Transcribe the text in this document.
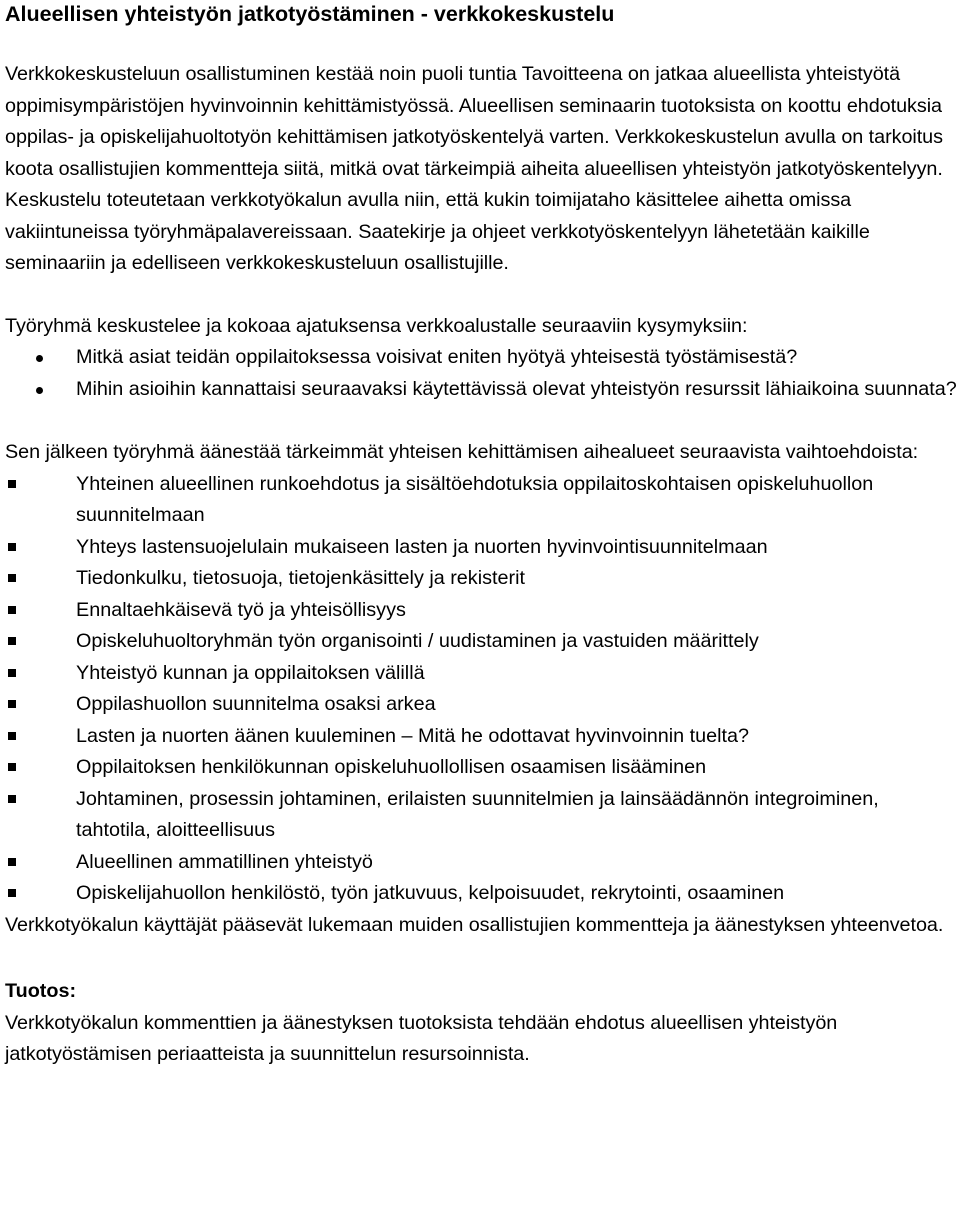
Alueellisen yhteistyön jatkotyöstäminen - verkkokeskustelu

Verkkokeskusteluun osallistuminen kestää noin puoli tuntia Tavoitteena on jatkaa alueellista yhteistyötä oppimisympäristöjen hyvinvoinnin kehittämistyössä. Alueellisen seminaarin tuotoksista on koottu ehdotuksia oppilas- ja opiskelijahuoltotyön kehittämisen jatkotyöskentelyä varten. Verkkokeskustelun avulla on tarkoitus koota osallistujien kommentteja siitä, mitkä ovat tärkeimpiä aiheita alueellisen yhteistyön jatkotyöskentelyyn. Keskustelu toteutetaan verkkotyökalun avulla niin, että kukin toimijataho käsittelee aihetta omissa vakiintuneissa työryhmäpalavereissaan. Saatekirje ja ohjeet verkkotyöskentelyyn lähetetään kaikille seminaariin ja edelliseen verkkokeskusteluun osallistujille.

Työryhmä keskustelee ja kokoaa ajatuksensa verkkoalustalle seuraaviin kysymyksiin:

Mitkä asiat teidän oppilaitoksessa voisivat eniten hyötyä yhteisestä työstämisestä?
Mihin asioihin kannattaisi seuraavaksi käytettävissä olevat yhteistyön resurssit lähiaikoina suunnata?

Sen jälkeen työryhmä äänestää tärkeimmät yhteisen kehittämisen aihealueet seuraavista vaihtoehdoista:

Yhteinen alueellinen runkoehdotus ja sisältöehdotuksia oppilaitoskohtaisen opiskeluhuollon suunnitelmaan
Yhteys lastensuojelulain mukaiseen lasten ja nuorten hyvinvointisuunnitelmaan
Tiedonkulku, tietosuoja, tietojenkäsittely ja rekisterit
Ennaltaehkäisevä työ ja yhteisöllisyys
Opiskeluhuoltoryhmän työn organisointi / uudistaminen ja vastuiden määrittely
Yhteistyö kunnan ja oppilaitoksen välillä
Oppilashuollon suunnitelma osaksi arkea
Lasten ja nuorten äänen kuuleminen – Mitä he odottavat hyvinvoinnin tuelta?
Oppilaitoksen henkilökunnan opiskeluhuollollisen osaamisen lisääminen
Johtaminen, prosessin johtaminen, erilaisten suunnitelmien ja lainsäädännön integroiminen, tahtotila, aloitteellisuus
Alueellinen ammatillinen yhteistyö
Opiskelijahuollon henkilöstö, työn jatkuvuus, kelpoisuudet, rekrytointi, osaaminen

Verkkotyökalun käyttäjät pääsevät lukemaan muiden osallistujien kommentteja ja äänestyksen yhteenvetoa.

Tuotos:

Verkkotyökalun kommenttien ja äänestyksen tuotoksista tehdään ehdotus alueellisen yhteistyön jatkotyöstämisen periaatteista ja suunnittelun resursoinnista.
